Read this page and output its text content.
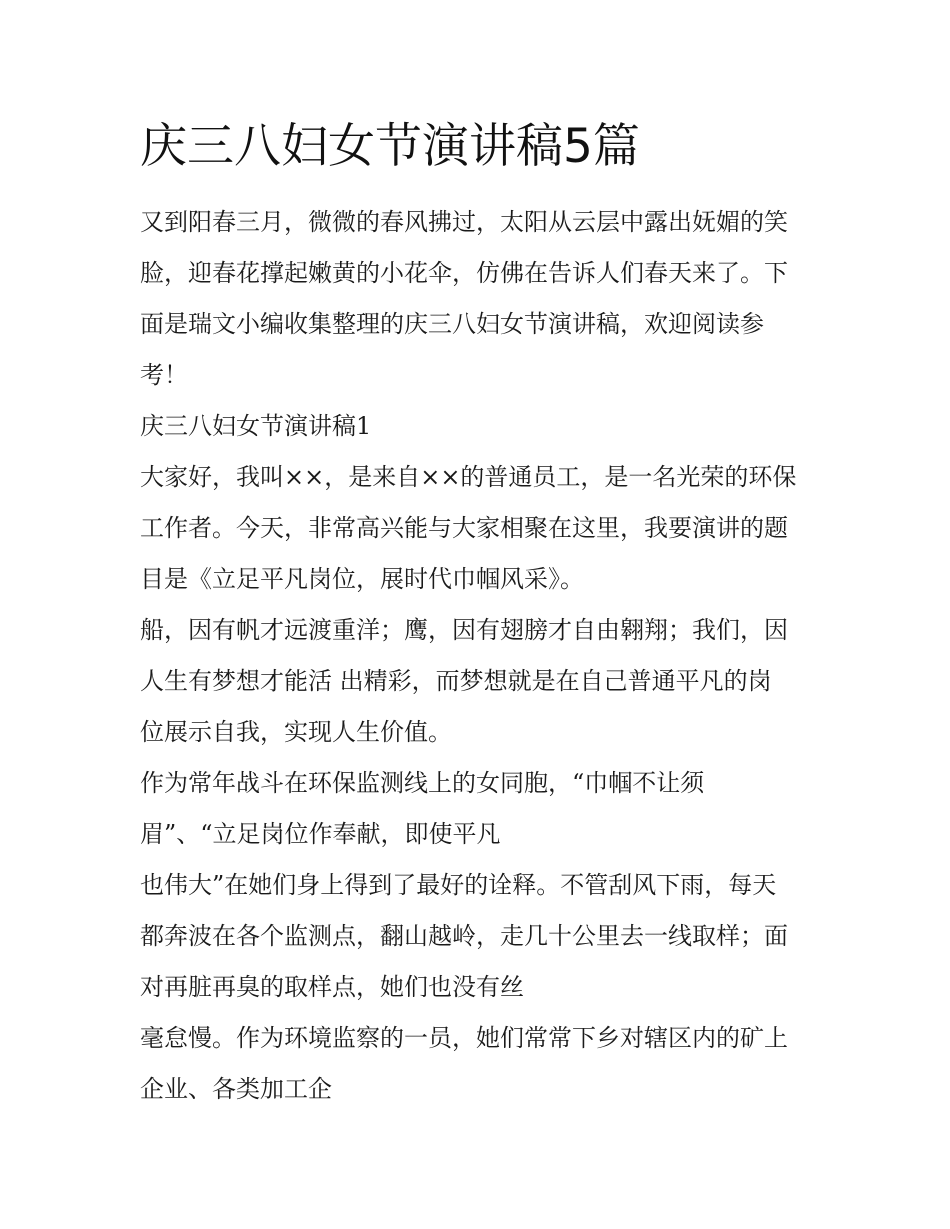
庆三八妇女节演讲稿5篇

又到阳春三月，微微的春风拂过，太阳从云层中露出妩媚的笑

脸，迎春花撑起嫩黄的小花伞，仿佛在告诉人们春天来了。下

面是瑞文小编收集整理的庆三八妇女节演讲稿，欢迎阅读参

考！

庆三八妇女节演讲稿1

大家好，我叫××，是来自××的普通员工，是一名光荣的环保

工作者。今天，非常高兴能与大家相聚在这里，我要演讲的题

目是《立足平凡岗位，展时代巾帼风采》。

船，因有帆才远渡重洋；鹰，因有翅膀才自由翱翔；我们，因

人生有梦想才能活 出精彩，而梦想就是在自己普通平凡的岗

位展示自我，实现人生价值。

作为常年战斗在环保监测线上的女同胞，“巾帼不让须

眉”、“立足岗位作奉献，即使平凡

也伟大”在她们身上得到了最好的诠释。不管刮风下雨，每天

都奔波在各个监测点，翻山越岭，走几十公里去一线取样；面

对再脏再臭的取样点，她们也没有丝

毫怠慢。作为环境监察的一员，她们常常下乡对辖区内的矿上

企业、各类加工企
